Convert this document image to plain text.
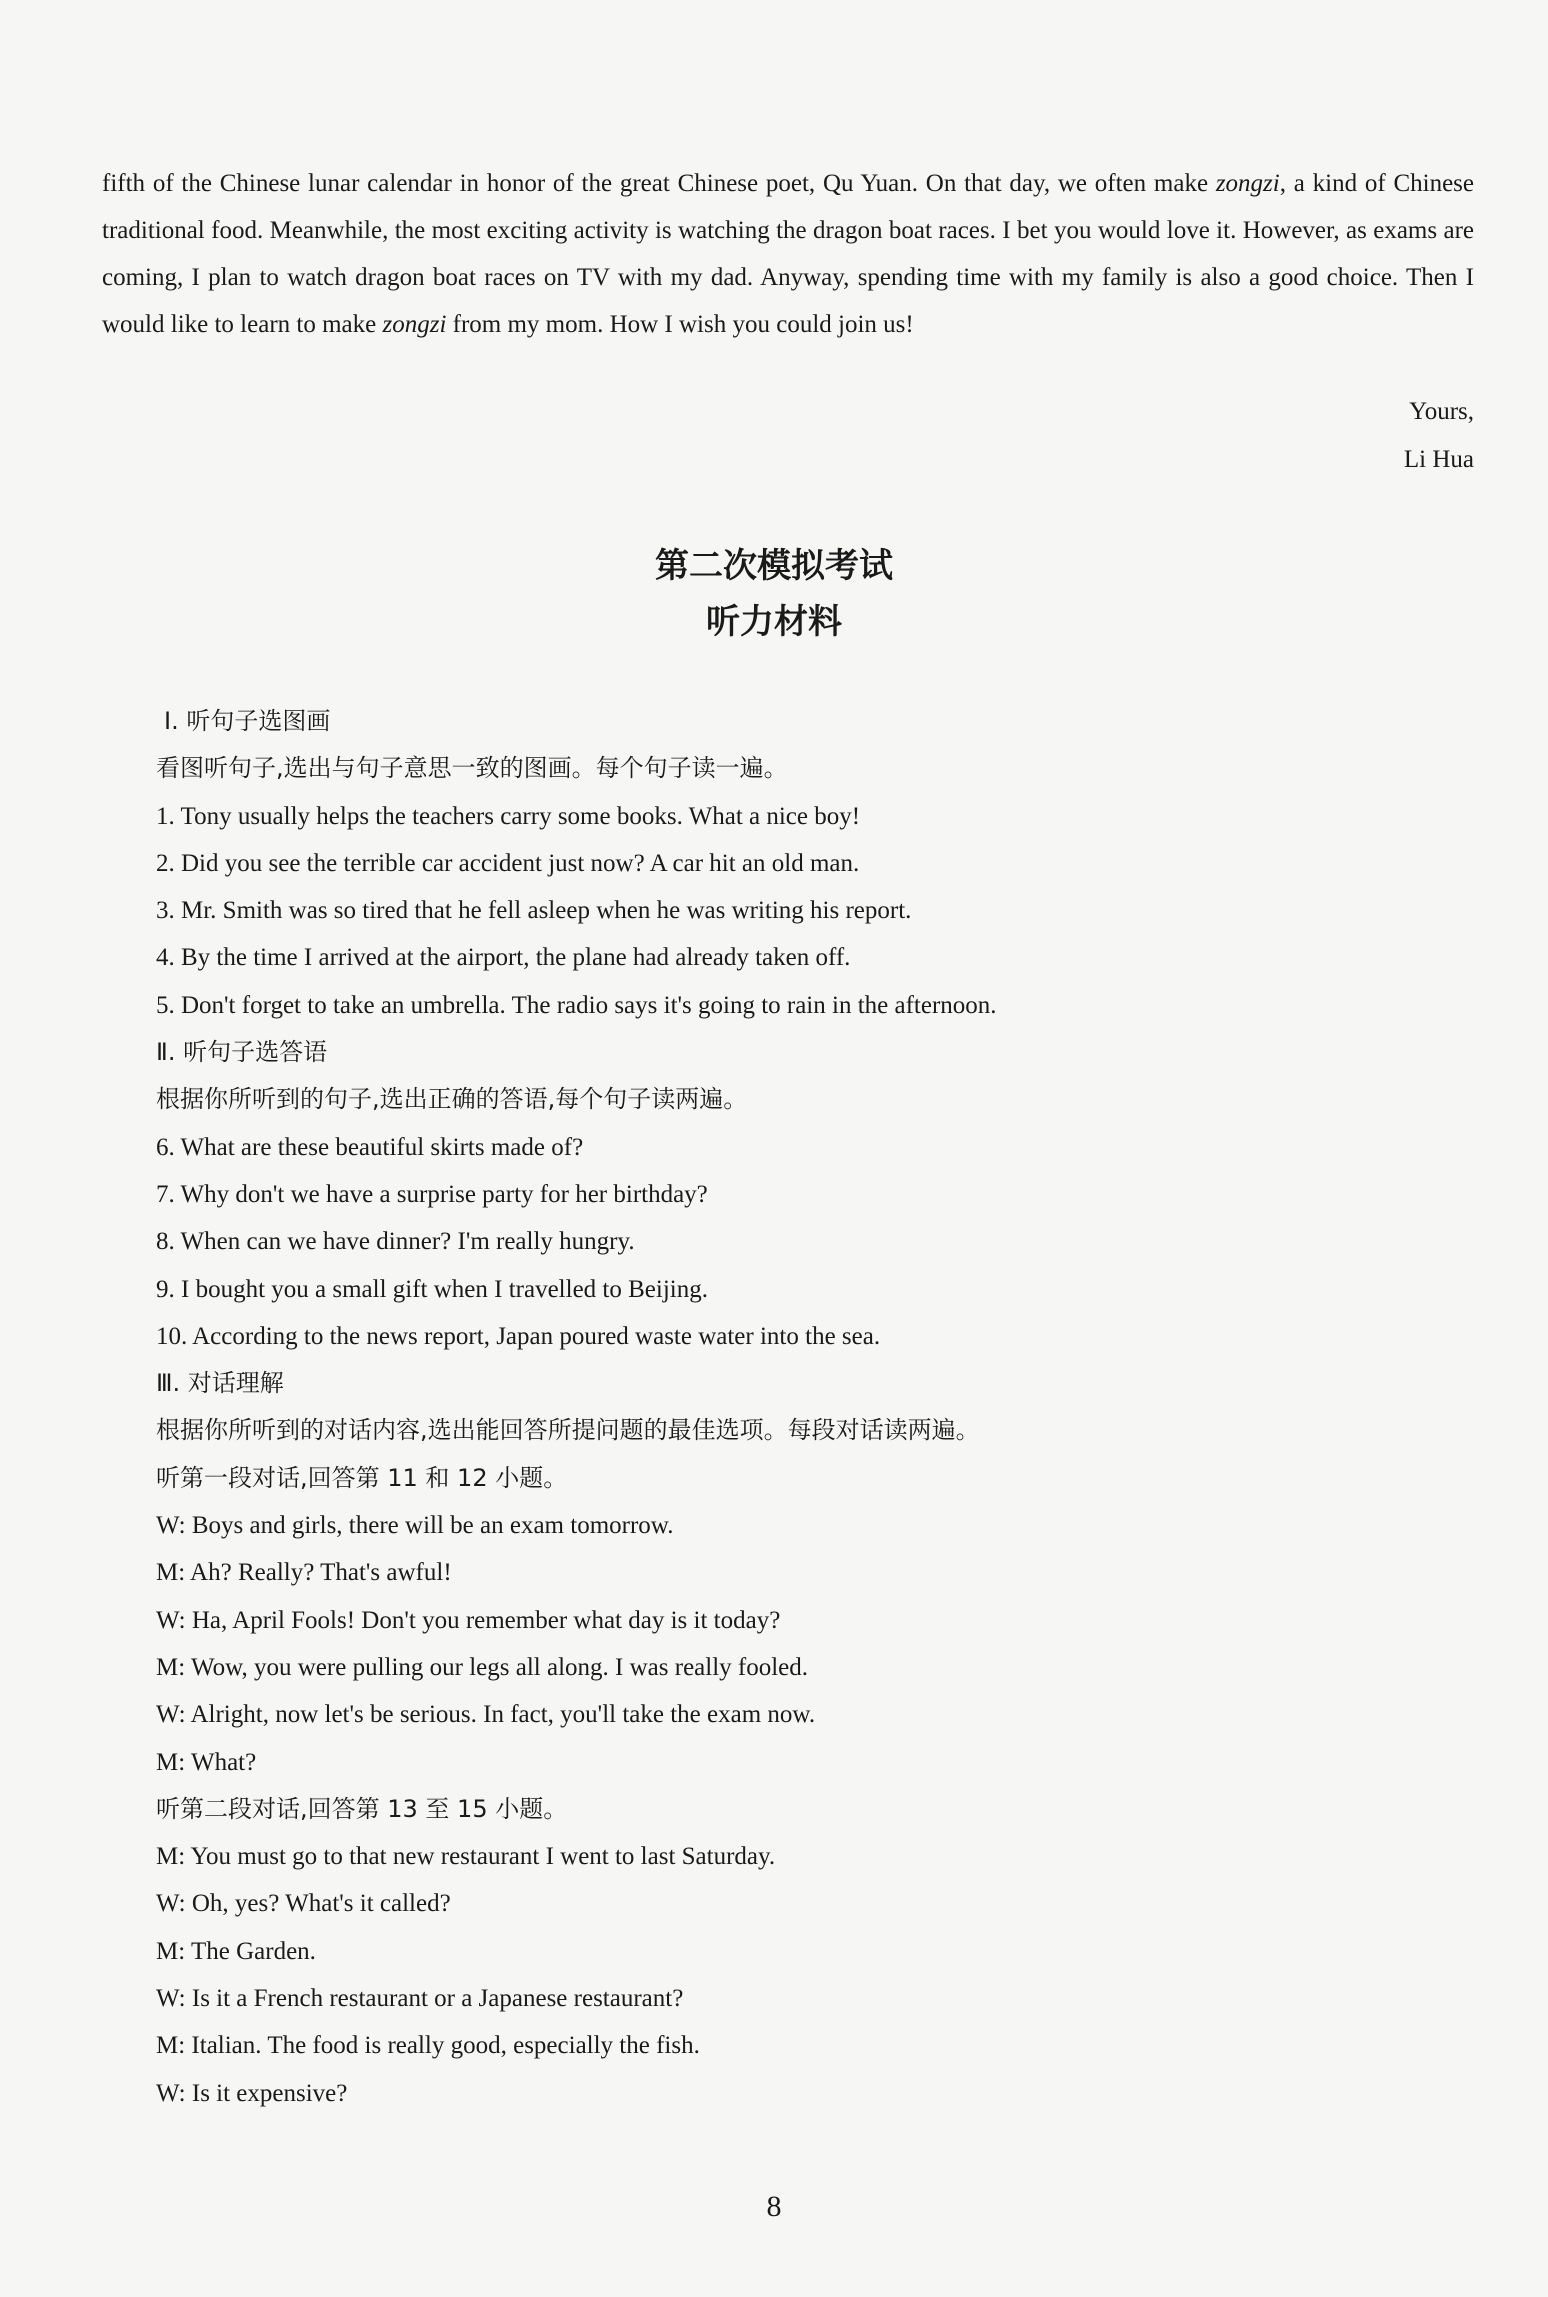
fifth of the Chinese lunar calendar in honor of the great Chinese poet, Qu Yuan. On that day, we often make zongzi, a kind of Chinese traditional food. Meanwhile, the most exciting activity is watching the dragon boat races. I bet you would love it. However, as exams are coming, I plan to watch dragon boat races on TV with my dad. Anyway, spending time with my family is also a good choice. Then I would like to learn to make zongzi from my mom. How I wish you could join us!

Yours,
Li Hua
第二次模拟考试
听力材料
Ⅰ. 听句子选图画
看图听句子,选出与句子意思一致的图画。每个句子读一遍。
1. Tony usually helps the teachers carry some books. What a nice boy!
2. Did you see the terrible car accident just now? A car hit an old man.
3. Mr. Smith was so tired that he fell asleep when he was writing his report.
4. By the time I arrived at the airport, the plane had already taken off.
5. Don't forget to take an umbrella. The radio says it's going to rain in the afternoon.
Ⅱ. 听句子选答语
根据你所听到的句子,选出正确的答语,每个句子读两遍。
6. What are these beautiful skirts made of?
7. Why don't we have a surprise party for her birthday?
8. When can we have dinner? I'm really hungry.
9. I bought you a small gift when I travelled to Beijing.
10. According to the news report, Japan poured waste water into the sea.
Ⅲ. 对话理解
根据你所听到的对话内容,选出能回答所提问题的最佳选项。每段对话读两遍。
听第一段对话,回答第 11 和 12 小题。
W: Boys and girls, there will be an exam tomorrow.
M: Ah? Really? That's awful!
W: Ha, April Fools! Don't you remember what day is it today?
M: Wow, you were pulling our legs all along. I was really fooled.
W: Alright, now let's be serious. In fact, you'll take the exam now.
M: What?
听第二段对话,回答第 13 至 15 小题。
M: You must go to that new restaurant I went to last Saturday.
W: Oh, yes? What's it called?
M: The Garden.
W: Is it a French restaurant or a Japanese restaurant?
M: Italian. The food is really good, especially the fish.
W: Is it expensive?
8
